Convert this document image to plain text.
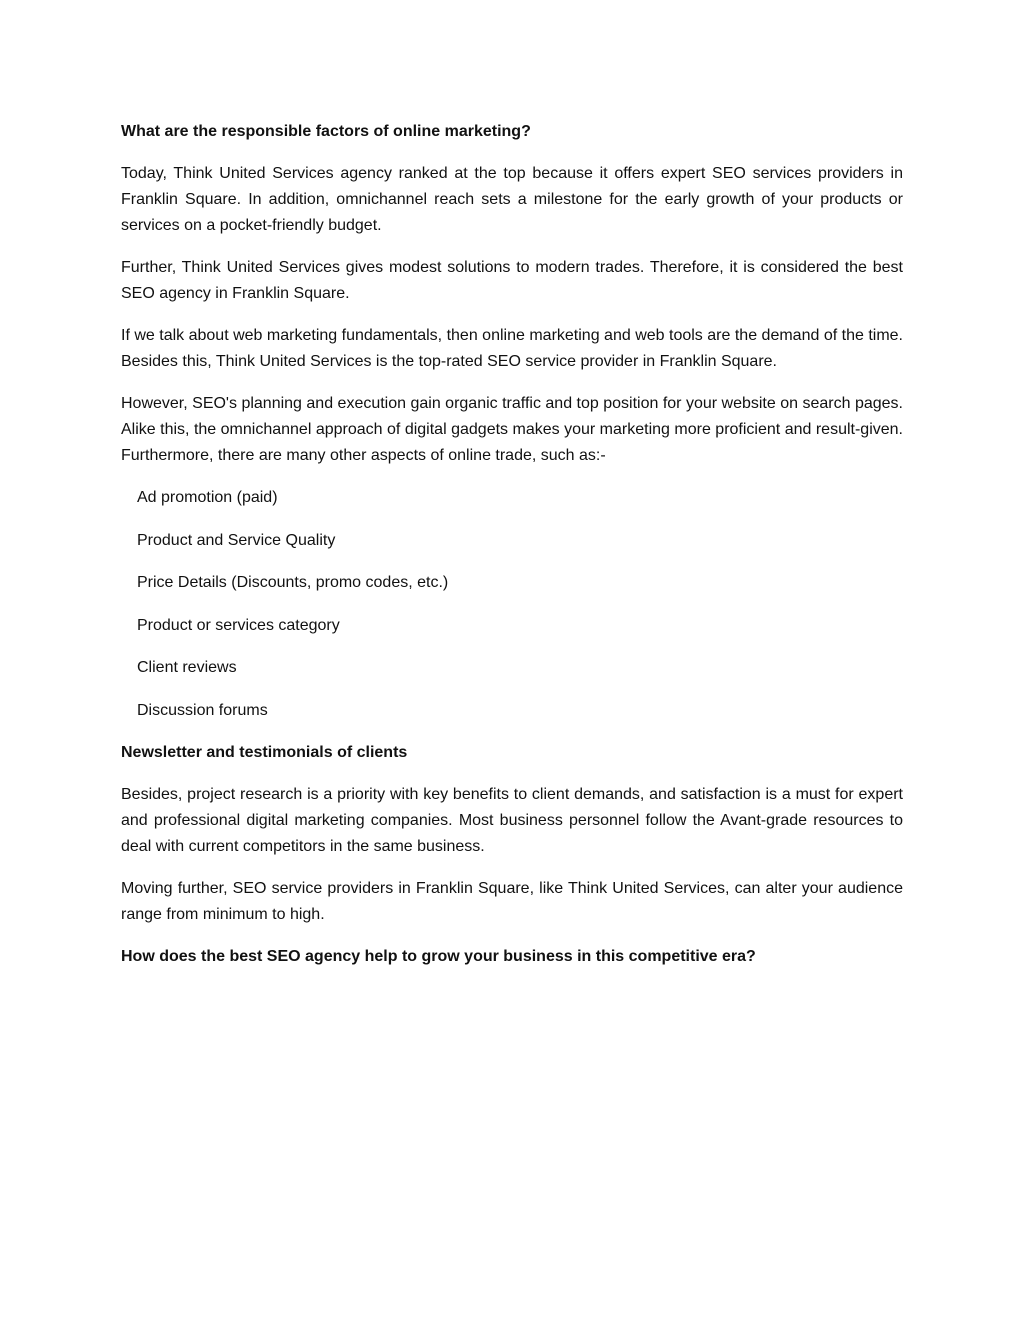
What are the responsible factors of online marketing?

Today, Think United Services agency ranked at the top because it offers expert SEO services providers in Franklin Square. In addition, omnichannel reach sets a milestone for the early growth of your products or services on a pocket-friendly budget.

Further, Think United Services gives modest solutions to modern trades. Therefore, it is considered the best SEO agency in Franklin Square.

If we talk about web marketing fundamentals, then online marketing and web tools are the demand of the time. Besides this, Think United Services is the top-rated SEO service provider in Franklin Square.

However, SEO's planning and execution gain organic traffic and top position for your website on search pages. Alike this, the omnichannel approach of digital gadgets makes your marketing more proficient and result-given. Furthermore, there are many other aspects of online trade, such as:-

Ad promotion (paid)
Product and Service Quality
Price Details (Discounts, promo codes, etc.)
Product or services category
Client reviews
Discussion forums

Newsletter and testimonials of clients

Besides, project research is a priority with key benefits to client demands, and satisfaction is a must for expert and professional digital marketing companies. Most business personnel follow the Avant-grade resources to deal with current competitors in the same business.

Moving further, SEO service providers in Franklin Square, like Think United Services, can alter your audience range from minimum to high.

How does the best SEO agency help to grow your business in this competitive era?
